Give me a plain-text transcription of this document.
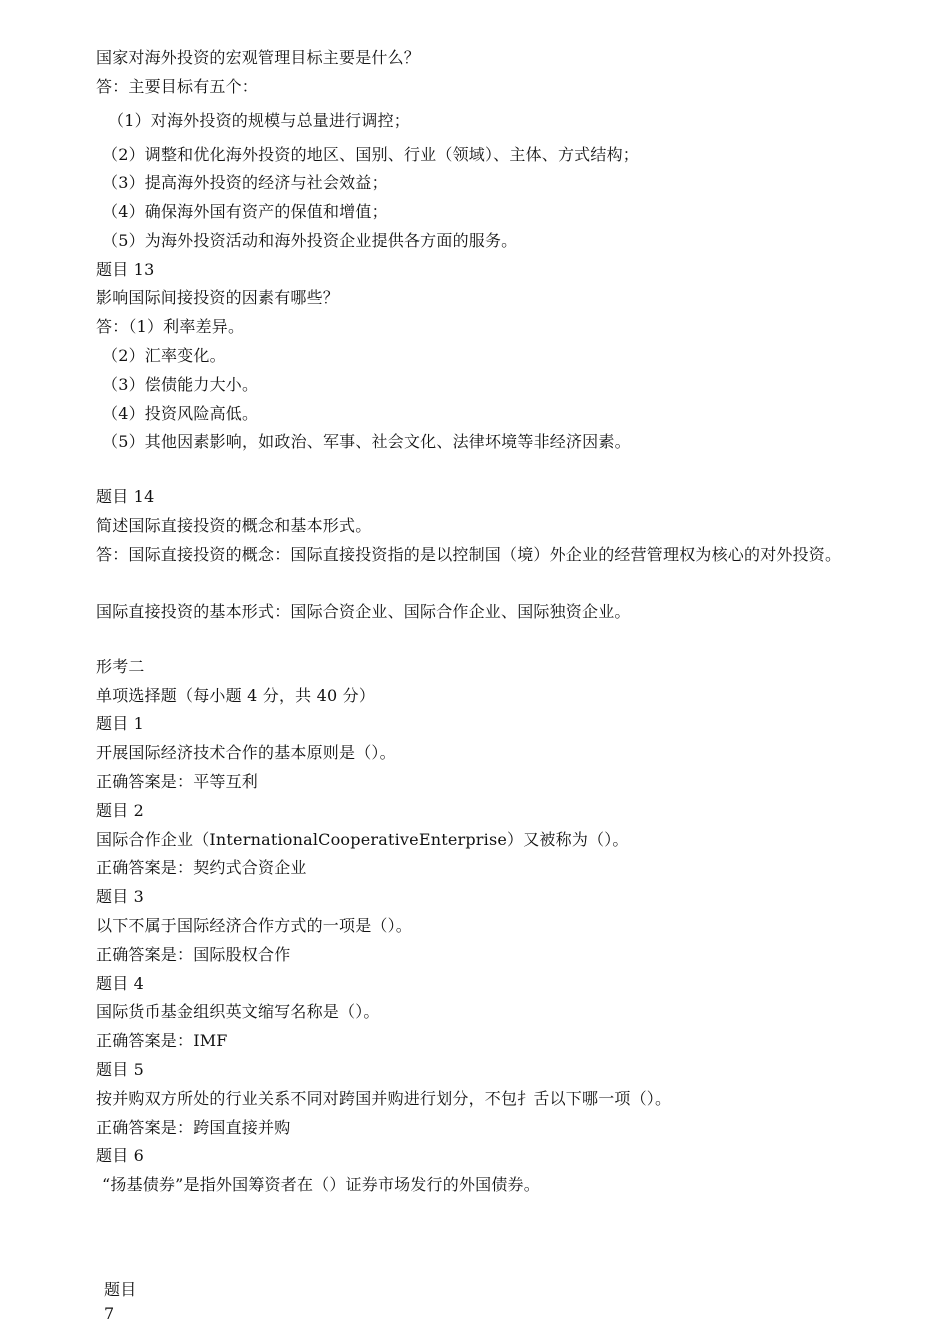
国家对海外投资的宏观管理目标主要是什么？
答：主要目标有五个：
（1）对海外投资的规模与总量进行调控；
（2）调整和优化海外投资的地区、国别、行业（领域）、主体、方式结构；
（3）提高海外投资的经济与社会效益；
（4）确保海外国有资产的保值和增值；
（5）为海外投资活动和海外投资企业提供各方面的服务。
题目 13
影响国际间接投资的因素有哪些？
答：（1）利率差异。
（2）汇率变化。
（3）偿债能力大小。
（4）投资风险高低。
（5）其他因素影响，如政治、军事、社会文化、法律坏境等非经济因素。
题目 14
简述国际直接投资的概念和基本形式。
答：国际直接投资的概念：国际直接投资指的是以控制国（境）外企业的经营管理权为核心的对外投资。
国际直接投资的基本形式：国际合资企业、国际合作企业、国际独资企业。
形考二
单项选择题（每小题 4 分，共 40 分）
题目 1
开展国际经济技术合作的基本原则是（）。
正确答案是：平等互利
题目 2
国际合作企业（InternationalCooperativeEnterprise）又被称为（）。
正确答案是：契约式合资企业
题目 3
以下不属于国际经济合作方式的一项是（）。
正确答案是：国际股权合作
题目 4
国际货币基金组织英文缩写名称是（）。
正确答案是：IMF
题目 5
按并购双方所处的行业关系不同对跨国并购进行划分，不包扌舌以下哪一项（）。
正确答案是：跨国直接并购
题目 6
“扬基债券”是指外国筹资者在（）证券市场发行的外国债券。
题目
7
